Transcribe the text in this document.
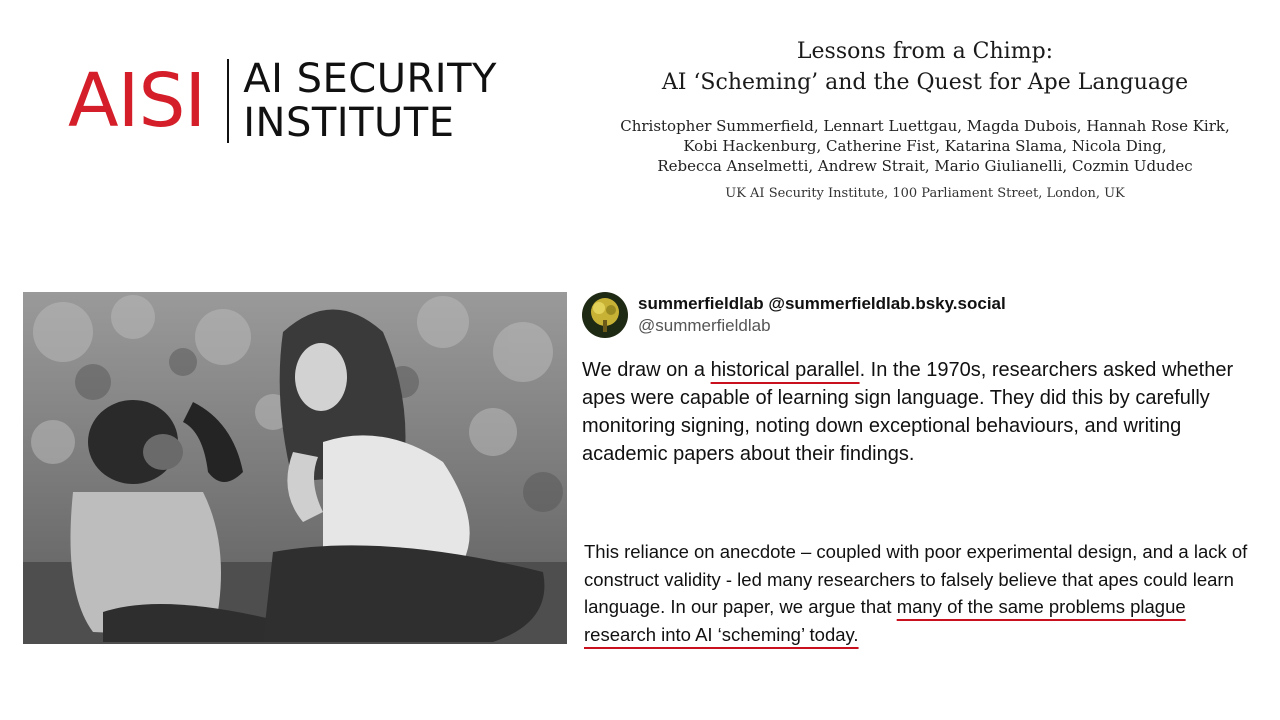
AISI AI SECURITY
INSTITUTE
Lessons from a Chimp:
AI ‘Scheming’ and the Quest for Ape Language
Christopher Summerfield, Lennart Luettgau, Magda Dubois, Hannah Rose Kirk,
Kobi Hackenburg, Catherine Fist, Katarina Slama, Nicola Ding,
Rebecca Anselmetti, Andrew Strait, Mario Giulianelli, Cozmin Ududec
UK AI Security Institute, 100 Parliament Street, London, UK
summerfieldlab @summerfieldlab.bsky.social
@summerfieldlab

We draw on a historical parallel. In the 1970s, researchers asked whether apes were capable of learning sign language. They did this by carefully monitoring signing, noting down exceptional behaviours, and writing academic papers about their findings.

This reliance on anecdote – coupled with poor experimental design, and a lack of construct validity - led many researchers to falsely believe that apes could learn language. In our paper, we argue that many of the same problems plague research into AI ‘scheming’ today.
